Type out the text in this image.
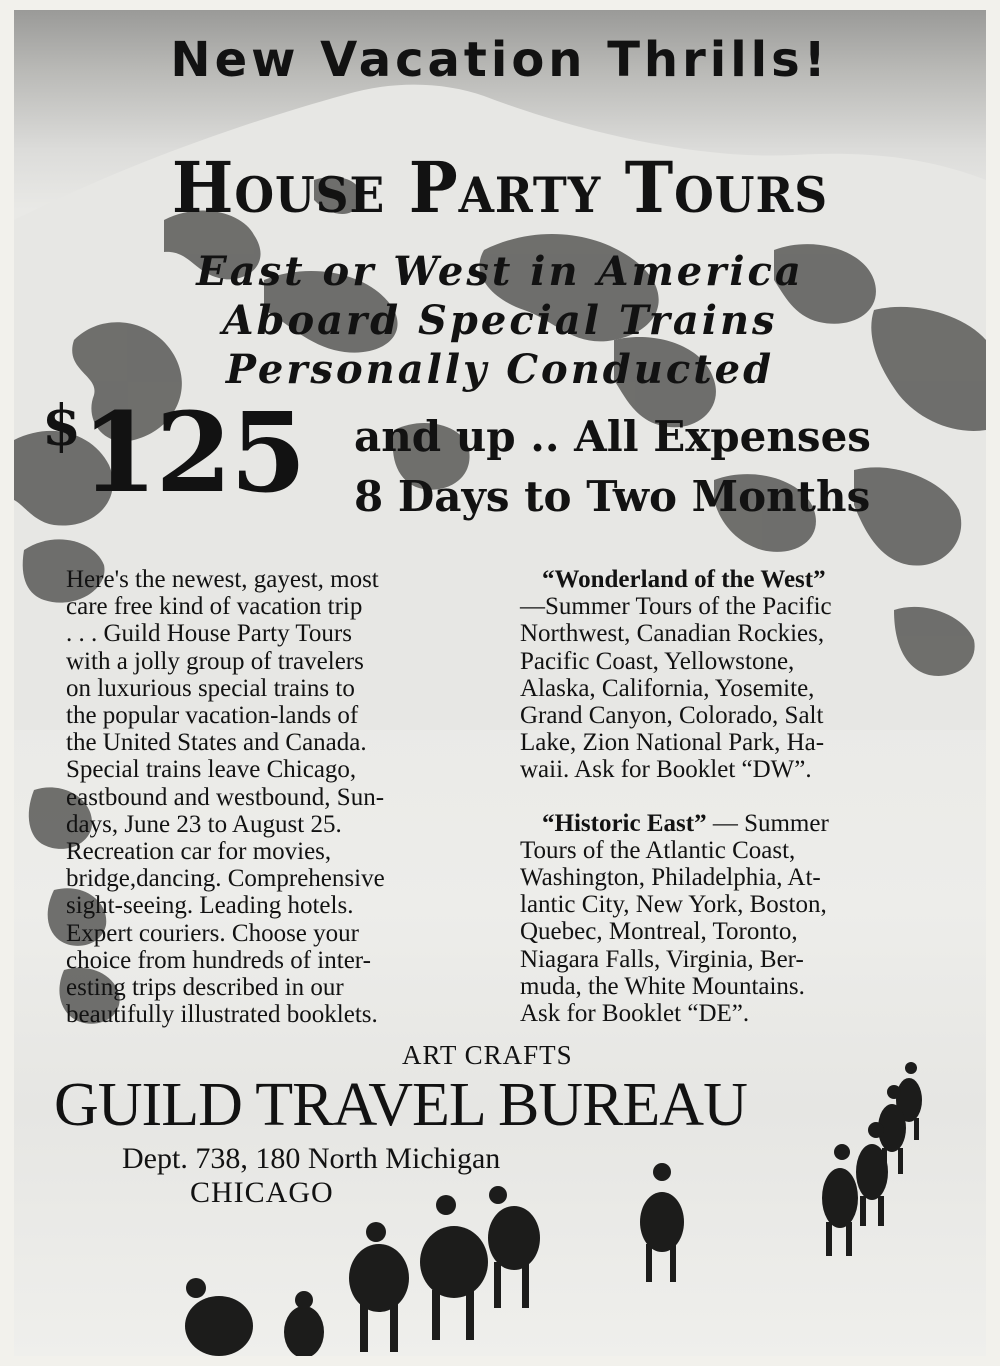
New Vacation Thrills!
House Party Tours

East or West in America

Aboard Special Trains

Personally Conducted

$125 and up .. All Expenses

8 Days to Two Months

Here's the newest, gayest, most
care free kind of vacation trip
. . . Guild House Party Tours
with a jolly group of travelers
on luxurious special trains to
the popular vacation-lands of
the United States and Canada.
Special trains leave Chicago,
eastbound and westbound, Sun-
days, June 23 to August 25.
Recreation car for movies,
bridge,dancing. Comprehensive
sight-seeing. Leading hotels.
Expert couriers. Choose your
choice from hundreds of inter-
esting trips described in our
beautifully illustrated booklets.
“Wonderland of the West”
—Summer Tours of the Pacific
Northwest, Canadian Rockies,
Pacific Coast, Yellowstone,
Alaska, California, Yosemite,
Grand Canyon, Colorado, Salt
Lake, Zion National Park, Ha-
waii. Ask for Booklet “DW”.
“Historic East” — Summer
Tours of the Atlantic Coast,
Washington, Philadelphia, At-
lantic City, New York, Boston,
Quebec, Montreal, Toronto,
Niagara Falls, Virginia, Ber-
muda, the White Mountains.
Ask for Booklet “DE”.

ART CRAFTS

GUILD TRAVEL BUREAU

Dept. 738, 180 North Michigan

CHICAGO
